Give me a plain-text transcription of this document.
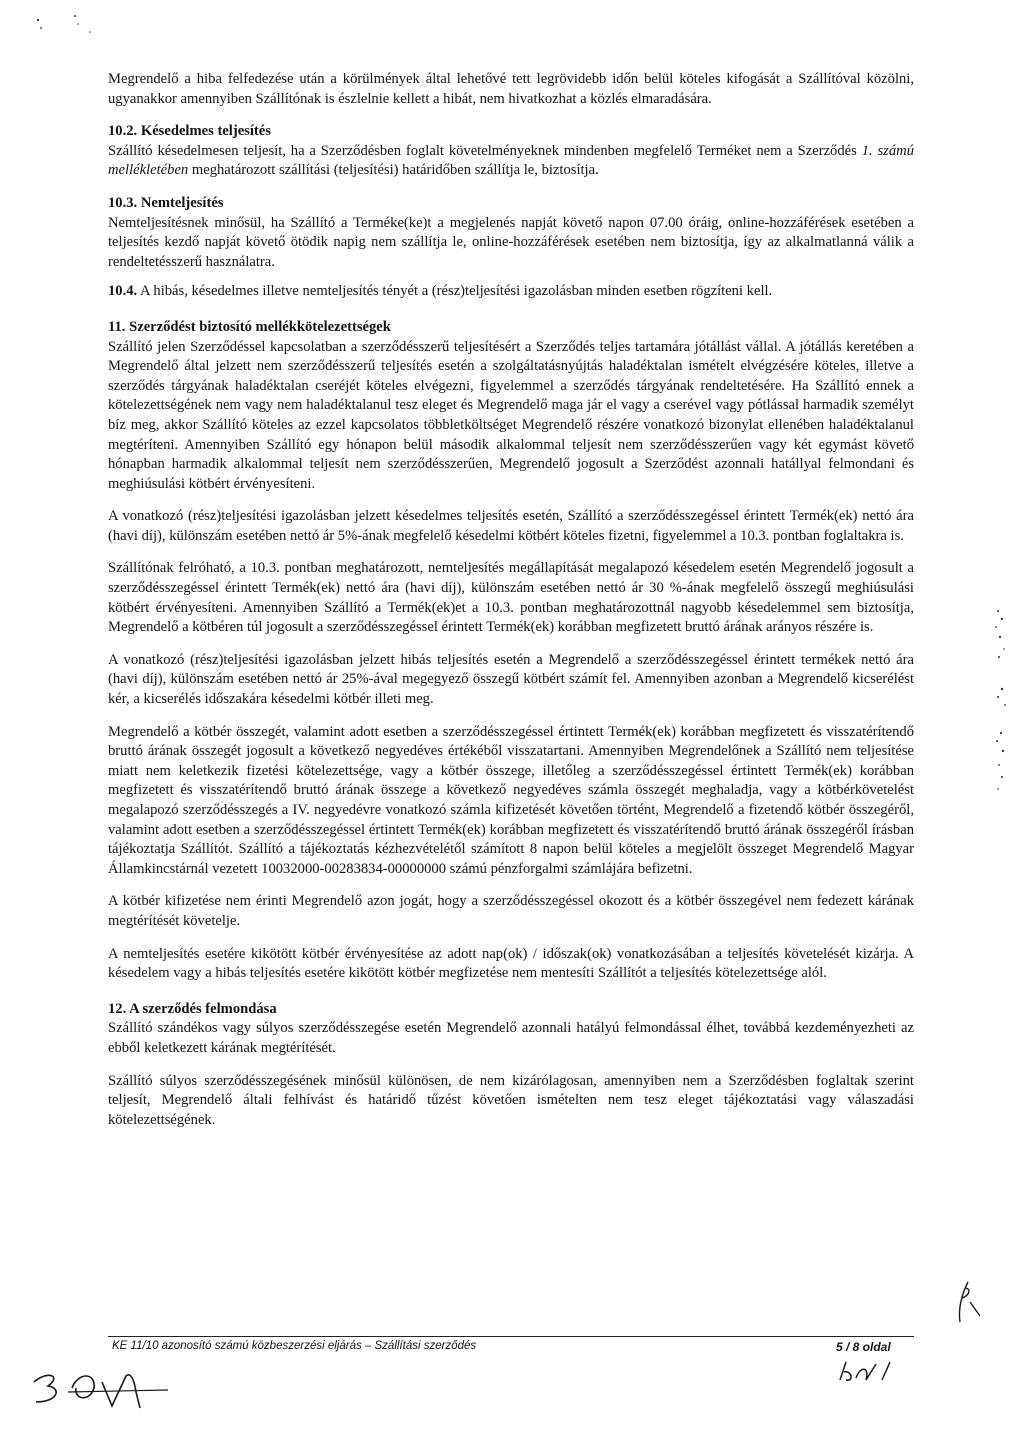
Megrendelő a hiba felfedezése után a körülmények által lehetővé tett legrövidebb időn belül köteles kifogását a Szállítóval közölni, ugyanakkor amennyiben Szállítónak is észlelnie kellett a hibát, nem hivatkozhat a közlés elmaradására.

10.2. Késedelmes teljesítés
Szállító késedelmesen teljesít, ha a Szerződésben foglalt követelményeknek mindenben megfelelő Terméket nem a Szerződés 1. számú mellékletében meghatározott szállítási (teljesítési) határidőben szállítja le, biztosítja.

10.3. Nemteljesítés
Nemteljesítésnek minősül, ha Szállító a Terméke(ke)t a megjelenés napját követő napon 07.00 óráig, online-hozzáférések esetében a teljesítés kezdő napját követő ötödik napig nem szállítja le, online-hozzáférések esetében nem biztosítja, így az alkalmatlanná válik a rendeltetésszerű használatra.

10.4. A hibás, késedelmes illetve nemteljesítés tényét a (rész)teljesítési igazolásban minden esetben rögzíteni kell.

11. Szerződést biztosító mellékkötelezettségek
Szállító jelen Szerződéssel kapcsolatban a szerződésszerű teljesítésért a Szerződés teljes tartamára jótállást vállal. A jótállás keretében a Megrendelő által jelzett nem szerződésszerű teljesítés esetén a szolgáltatásnyújtás haladéktalan ismételt elvégzésére köteles, illetve a szerződés tárgyának haladéktalan cseréjét köteles elvégezni, figyelemmel a szerződés tárgyának rendeltetésére. Ha Szállító ennek a kötelezettségének nem vagy nem haladéktalanul tesz eleget és Megrendelő maga jár el vagy a cserével vagy pótlással harmadik személyt bíz meg, akkor Szállító köteles az ezzel kapcsolatos többletköltséget Megrendelő részére vonatkozó bizonylat ellenében haladéktalanul megtéríteni. Amennyiben Szállító egy hónapon belül második alkalommal teljesít nem szerződésszerűen vagy két egymást követő hónapban harmadik alkalommal teljesít nem szerződésszerűen, Megrendelő jogosult a Szerződést azonnali hatállyal felmondani és meghiúsulási kötbért érvényesíteni.

A vonatkozó (rész)teljesítési igazolásban jelzett késedelmes teljesítés esetén, Szállító a szerződésszegéssel érintett Termék(ek) nettó ára (havi díj), különszám esetében nettó ár 5%-ának megfelelő késedelmi kötbért köteles fizetni, figyelemmel a 10.3. pontban foglaltakra is.

Szállítónak felróható, a 10.3. pontban meghatározott, nemteljesítés megállapítását megalapozó késedelem esetén Megrendelő jogosult a szerződésszegéssel érintett Termék(ek) nettó ára (havi díj), különszám esetében nettó ár 30 %-ának megfelelő összegű meghiúsulási kötbért érvényesíteni. Amennyiben Szállító a Termék(ek)et a 10.3. pontban meghatározottnál nagyobb késedelemmel sem biztosítja, Megrendelő a kötbéren túl jogosult a szerződésszegéssel érintett Termék(ek) korábban megfizetett bruttó árának arányos részére is.

A vonatkozó (rész)teljesítési igazolásban jelzett hibás teljesítés esetén a Megrendelő a szerződésszegéssel érintett termékek nettó ára (havi díj), különszám esetében nettó ár 25%-ával megegyező összegű kötbért számít fel. Amennyiben azonban a Megrendelő kicserélést kér, a kicserélés időszakára késedelmi kötbér illeti meg.

Megrendelő a kötbér összegét, valamint adott esetben a szerződésszegéssel értintett Termék(ek) korábban megfizetett és visszatérítendő bruttó árának összegét jogosult a következő negyedéves értékéből visszatartani. Amennyiben Megrendelőnek a Szállító nem teljesítése miatt nem keletkezik fizetési kötelezettsége, vagy a kötbér összege, illetőleg a szerződésszegéssel értintett Termék(ek) korábban megfizetett és visszatérítendő bruttó árának összege a következő negyedéves számla összegét meghaladja, vagy a kötbérkövetelést megalapozó szerződésszegés a IV. negyedévre vonatkozó számla kifizetését követően történt, Megrendelő a fizetendő kötbér összegéről, valamint adott esetben a szerződésszegéssel értintett Termék(ek) korábban megfizetett és visszatérítendő bruttó árának összegéről írásban tájékoztatja Szállítót. Szállító a tájékoztatás kézhezvételétől számított 8 napon belül köteles a megjelölt összeget Megrendelő Magyar Államkincstárnál vezetett 10032000-00283834-00000000 számú pénzforgalmi számlájára befizetni.

A kötbér kifizetése nem érinti Megrendelő azon jogát, hogy a szerződésszegéssel okozott és a kötbér összegével nem fedezett kárának megtérítését követelje.

A nemteljesítés esetére kikötött kötbér érvényesítése az adott nap(ok) / időszak(ok) vonatkozásában a teljesítés követelését kizárja. A késedelem vagy a hibás teljesítés esetére kikötött kötbér megfizetése nem mentesíti Szállítót a teljesítés kötelezettsége alól.

12. A szerződés felmondása
Szállító szándékos vagy súlyos szerződésszegése esetén Megrendelő azonnali hatályú felmondással élhet, továbbá kezdeményezheti az ebből keletkezett kárának megtérítését.

Szállító súlyos szerződésszegésének minősül különösen, de nem kizárólagosan, amennyiben nem a Szerződésben foglaltak szerint teljesít, Megrendelő általi felhívást és határidő tűzést követően ismételten nem tesz eleget tájékoztatási vagy válaszadási kötelezettségének.

KE 11/10 azonosító számú közbeszerzési eljárás – Szállítási szerződés	5 / 8 oldal
